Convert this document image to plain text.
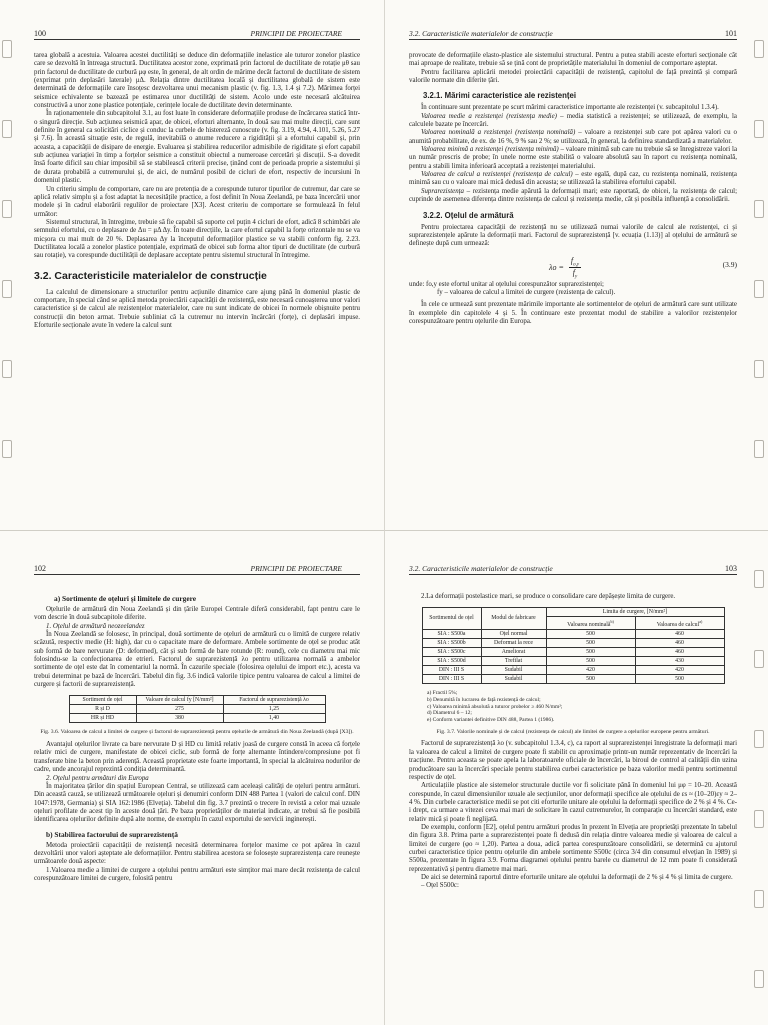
100	PRINCIPII DE PROIECTARE

tarea globală a acestuia. Valoarea acestei ductilități se deduce din deformațiile inelastice ale tuturor zonelor plastice care se dezvoltă în întreaga structură. Ductilitatea acestor zone, exprimată prin factorul de ductilitate de rotație μθ sau prin factorul de ductilitate de curbură μφ este, în general, de alt ordin de mărime decât factorul de ductilitate de sistem (exprimat prin deplasări laterale) μΔ. Relația dintre ductilitatea locală și ductilitatea globală de sistem este determinată de deformațiile care însoțesc dezvoltarea unui mecanism plastic (v. fig. 1.3, 1.4 și 7.2). Mărimea forței seismice echivalente se bazează pe estimarea unor ductilități de sistem. Acolo unde este necesară alcătuirea constructivă a unor zone plastice potențiale, cerințele locale de ductilitate devin determinante.

În raționamentele din subcapitolul 3.1, au fost luate în considerare deformațiile produse de încărcarea statică într-o singură direcție. Sub acțiunea seismică apar, de obicei, eforturi alternante, în două sau mai multe direcții, care sunt definite în general ca solicitări ciclice și conduc la curbele de histereză cunoscute (v. fig. 3.19, 4.94, 4.101, 5.26, 5.27 și 7.6). În această situație este, de regulă, inevitabilă o anume reducere a rigidității și a efortului capabil și, prin aceasta, a capacității de disipare de energie. Evaluarea și stabilirea reducerilor admisibile de rigiditate și efort capabil sub acțiunea variației în timp a forțelor seismice a constituit obiectul a numeroase cercetări și discuții. S-a dovedit însă foarte dificil sau chiar imposibil să se stabilească criterii precise, ținând cont de perioada proprie a sistemului și de durata probabilă a cutremurului și, de aici, de numărul posibil de cicluri de efort, respectiv de incursiuni în domeniul plastic.

Un criteriu simplu de comportare, care nu are pretenția de a corespunde tuturor tipurilor de cutremur, dar care se aplică relativ simplu și a fost adaptat la necesitățile practice, a fost definit în Noua Zeelandă, pe baza încercării unor modele și în cadrul elaborării regulilor de proiectare [X3]. Acest criteriu de comportare se formulează în felul următor:

Sistemul structural, în întregime, trebuie să fie capabil să suporte cel puțin 4 cicluri de efort, adică 8 schimbări ale semnului efortului, cu o deplasare de Δu = μΔ Δy. În toate direcțiile, la care efortul capabil la forțe orizontale nu se va micșora cu mai mult de 20 %. Deplasarea Δy la începutul deformațiilor plastice se va stabili conform fig. 2.23. Ductilitatea locală a zonelor plastice potențiale, exprimată de obicei sub forma altor tipuri de ductilitate (de curbură sau rotație), va corespunde ductilității de deplasare acceptate pentru sistemul structural în întregime.

3.2. Caracteristicile materialelor de construcție

La calculul de dimensionare a structurilor pentru acțiunile dinamice care ajung până în domeniul plastic de comportare, în special când se aplică metoda proiectării capacității de rezistență, este necesară cunoașterea unor valori caracteristice și de calcul ale rezistențelor materialelor, care nu sunt indicate de obicei în normele obișnuite pentru construcții din beton armat. Trebuie subliniat că la cutremur nu intervin încărcări (forțe), ci deplasări impuse. Eforturile secționale avute în vedere la calcul sunt

3.2. Caracteristicile materialelor de construcție	101

provocate de deformațiile elasto-plastice ale sistemului structural. Pentru a putea stabili aceste eforturi secționale cât mai aproape de realitate, trebuie să se țină cont de proprietățile materialului în domeniul de comportare așteptat.

Pentru facilitarea aplicării metodei proiectării capacității de rezistență, capitolul de față prezintă și compară valorile normate din diferite țări.

3.2.1. Mărimi caracteristice ale rezistenței

În continuare sunt prezentate pe scurt mărimi caracteristice importante ale rezistenței (v. subcapitolul 1.3.4).

Valoarea medie a rezistenței (rezistența medie) – media statistică a rezistenței; se utilizează, de exemplu, la calculele bazate pe încercări.

Valoarea nominală a rezistenței (rezistența nominală) – valoare a rezistenței sub care pot apărea valori cu o anumită probabilitate, de ex. de 16 %, 9 % sau 2 %; se utilizează, în general, la definirea standardizată a materialelor.

Valoarea minimă a rezistenței (rezistența minimă) – valoare minimă sub care nu trebuie să se înregistreze valori la un număr prescris de probe; în unele norme este stabilită o valoare absolută sau în raport cu rezistența nominală, pentru a stabili limita inferioară acceptată a rezistenței materialului.

Valoarea de calcul a rezistenței (rezistența de calcul) – este egală, după caz, cu rezistența nominală, rezistența minimă sau cu o valoare mai mică dedusă din aceasta; se utilizează la stabilirea efortului capabil.

Suprarezistența – rezistența medie apărută la deformații mari; este raportată, de obicei, la rezistența de calcul; cuprinde de asemenea diferența dintre rezistența de calcul și rezistența medie, cât și posibila influență a consolidării.

3.2.2. Oțelul de armătură

Pentru proiectarea capacității de rezistență nu se utilizează numai valorile de calcul ale rezistenței, ci și suprarezistențele apărute la deformații mari. Factorul de suprarezistență [v. ecuația (1.13)] al oțelului de armătură se definește după cum urmează:

$\lambda o = \frac{f_{o,y}}{f_y}$	(3.9)

unde: fo,y este efortul unitar al oțelului corespunzător suprarezistenței;

fy – valoarea de calcul a limitei de curgere (rezistența de calcul).

În cele ce urmează sunt prezentate mărimile importante ale sortimentelor de oțeluri de armătură care sunt utilizate în exemplele din capitolele 4 și 5. În continuare este prezentat modul de stabilire a valorilor rezistențelor corespunzătoare pentru oțelurile din Europa.

102	PRINCIPII DE PROIECTARE
a) Sortimente de oțeluri și limitele de curgere

Oțelurile de armătură din Noua Zeelandă și din țările Europei Centrale diferă considerabil, fapt pentru care le vom descrie în două subcapitole diferite.

1. Oțelul de armătură neozeelandez

În Noua Zeelandă se folosesc, în principal, două sortimente de oțeluri de armătură cu o limită de curgere relativ scăzută, respectiv medie (H: high), dar cu o capacitate mare de deformare. Ambele sortimente de oțel se produc atât sub formă de bare nervurate (D: deformed), cât și sub formă de bare rotunde (R: round), cele cu diametru mai mic folosindu-se la confecționarea de etrieri. Factorul de suprarezistență λo pentru utilizarea normală a ambelor sortimente de oțel este dat în comentariul la normă. În cazurile speciale (folosirea oțelului de import etc.), acesta va trebui determinat pe bază de încercări. Tabelul din fig. 3.6 indică valorile tipice pentru valoarea de calcul a limitei de curgere și factorii de suprarezistență.

Sortiment de oțel	Valoare de calcul fy [N/mm²]	Factorul de suprarezistență λo
R și D	275	1,25
HR și HD	380	1,40
Fig. 3.6. Valoarea de calcul a limitei de curgere și factorul de suprarezistență pentru oțelurile de armătură din Noua Zeelandă (după [X3]).

Avantajul oțelurilor livrate ca bare nervurate D și HD cu limită relativ joasă de curgere constă în aceea că forțele relativ mici de curgere, manifestate de obicei ciclic, sub formă de forțe alternante întindere/compresiune pot fi transferate bine la beton prin aderență. Această proprietate este foarte importantă, în special la alcătuirea nodurilor de cadre, unde ancorajul reprezintă condiția determinantă.

2. Oțelul pentru armături din Europa

În majoritatea țărilor din spațiul European Central, se utilizează cam aceleași calități de oțeluri pentru armături. Din această cauză, se utilizează următoarele oțeluri și denumiri conform DIN 488 Partea 1 (valori de calcul conf. DIN 1047:1978, Germania) și SIA 162:1986 (Elveția). Tabelul din fig. 3.7 prezintă o trecere în revistă a celor mai uzuale oțeluri profilate de acest tip în aceste două țări. Pe baza proprietăților de material indicate, ar trebui să fie posibilă identificarea oțelurilor definite după alte norme, de exemplu în cazul exportului de servicii inginerești.

b) Stabilirea factorului de suprarezistență

Metoda proiectării capacității de rezistență necesită determinarea forțelor maxime ce pot apărea în cazul dezvoltării unor valori așteptate ale deformațiilor. Pentru stabilirea acestora se folosește suprarezistența care reunește următoarele două aspecte:

1.Valoarea medie a limitei de curgere a oțelului pentru armături este simțitor mai mare decât rezistența de calcul corespunzătoare limitei de curgere, folosită pentru

3.2. Caracteristicile materialelor de construcție	103

2.La deformații postelastice mari, se produce o consolidare care depășește limita de curgere.

Sortimentul de oțel	Modul de fabricare	Limita de curgere, [N/mm²]	
		Valoarea nominală$^{b)}$	Valoarea de calcul$^{a)}$
SIA : S500a	Oțel normal	500	460
SIA : S500b	Deformat la rece	500	460
SIA : S500c	Ameliorat	500	460
SIA : S500d	Trefilat	500	430
DIN : III S	Sudabil	420	420
DIN : III S	Sudabil	500	500
a) Fractil 5%;
b) Denumită în lucrarea de față rezistență de calcul;
c) Valoarea minimă absolută a tuturor probelor ≥ 460 N/mm²;
d) Diametrul 6 – 12;
e) Conform variantei definitive DIN 488, Partea 1 (1986).
Fig. 3.7. Valorile nominale și de calcul (rezistența de calcul) ale limitei de curgere a oțelurilor europene pentru armături.

Factorul de suprarezistență λo (v. subcapitolul 1.3.4, c), ca raport al suprarezistenței înregistrate la deformații mari la valoarea de calcul a limitei de curgere poate fi stabilit cu aproximație printr-un număr reprezentativ de încercări la tracțiune. Pentru aceasta se poate apela la laboratoarele oficiale de încercări, la biroul de control al calității din uzina producătoare sau la încercări speciale pentru stabilirea curbei caracteristice pe baza valorilor medii pentru sortimentul respectiv de oțel.

Articulațiile plastice ale sistemelor structurale ductile vor fi solicitate până în domeniul lui μφ = 10–20. Această corespunde, în cazul dimensiunilor uzuale ale secțiunilor, unor deformații specifice ale oțelului de εs ≈ (10–20)εy ≈ 2–4 %. Din curbele caracteristice medii se pot citi eforturile unitare ale oțelului la deformații specifice de 2 % și 4 %. Ce-i drept, ca urmare a vitezei ceva mai mari de solicitare în cazul cutremurelor, în comparație cu încercări standard, este relativ mică și poate fi neglijată.

De exemplu, conform [E2], oțelul pentru armături produs în prezent în Elveția are proprietăți prezentate în tabelul din figura 3.8. Prima parte a suprarezistenței poate fi dedusă din relația dintre valoarea medie și valoarea de calcul a limitei de curgere (φo ≈ 1,20). Partea a doua, adică partea corespunzătoare consolidării, se determină cu ajutorul curbei caracteristice tipice pentru oțelurile din ambele sortimente S500c (circa 3/4 din consumul elvețian în 1989) și S500a, prezentate în figura 3.9. Forma diagramei oțelului pentru barele cu diametrul de 12 mm poate fi considerată reprezentativă și pentru diametre mai mari.

De aici se determină raportul dintre eforturile unitare ale oțelului la deformații de 2 % și 4 % și limita de curgere.

– Oțel S500c:
